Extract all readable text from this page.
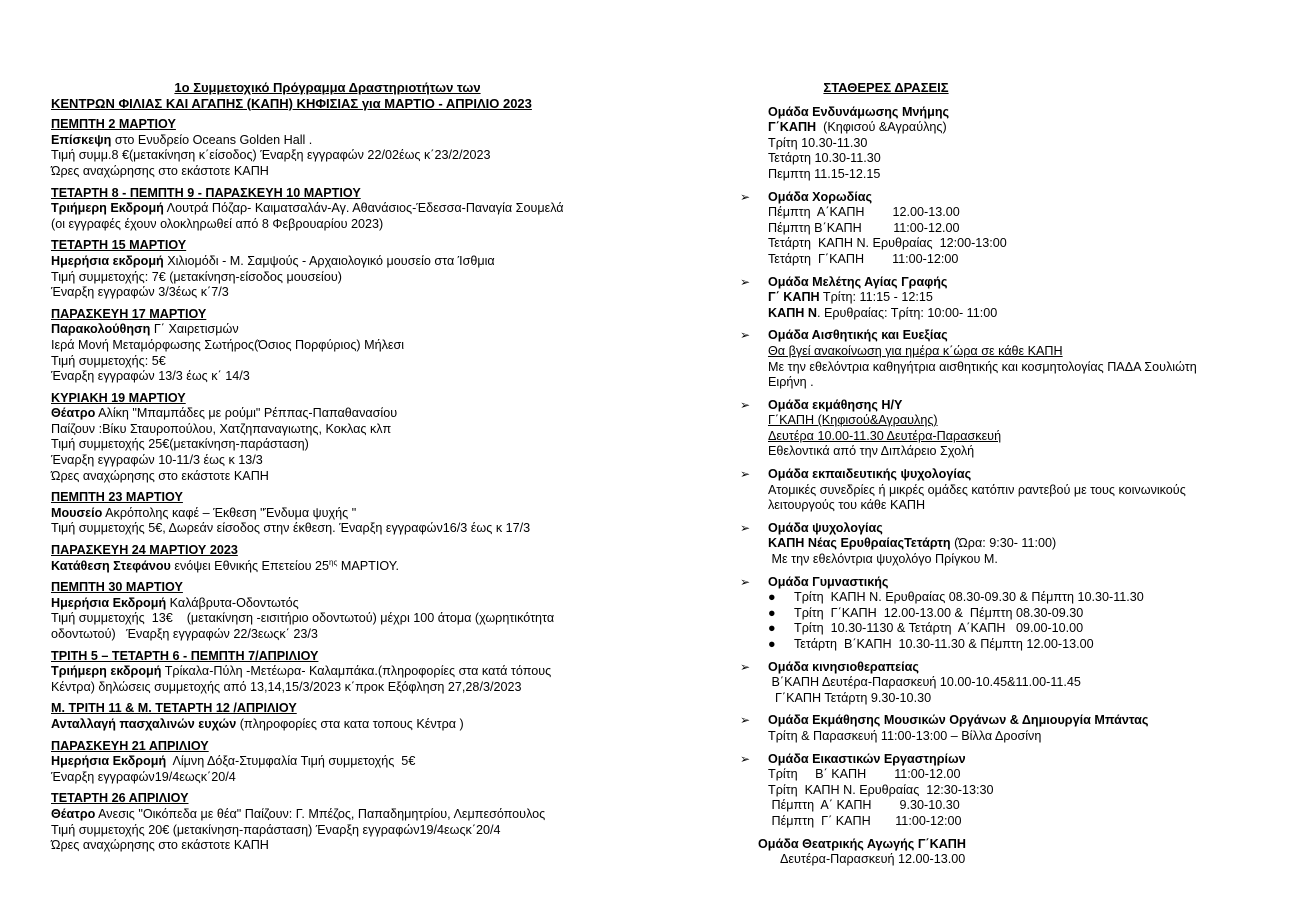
1ο Συμμετοχικό Πρόγραμμα Δραστηριοτήτων των
ΚΕΝΤΡΩΝ ΦΙΛΙΑΣ ΚΑΙ ΑΓΑΠΗΣ (ΚΑΠΗ) ΚΗΦΙΣΙΑΣ για ΜΑΡΤΙΟ - ΑΠΡΙΛΙΟ 2023
ΠΕΜΠΤΗ 2 ΜΑΡΤΙΟΥ
Επίσκεψη στο Ενυδρείο Oceans Golden Hall .
Τιμή συμμ.8 €(μετακίνηση κ΄είσοδος) Έναρξη εγγραφών 22/02έως κ΄23/2/2023
Ώρες αναχώρησης στο εκάστοτε ΚΑΠΗ
ΤΕΤΑΡΤΗ 8 - ΠΕΜΠΤΗ 9 - ΠΑΡΑΣΚΕΥΗ 10 ΜΑΡΤΙΟΥ
Τριήμερη Εκδρομή Λουτρά Πόζαρ- Καιματσαλάν-Αγ. Αθανάσιος-Έδεσσα-Παναγία Σουμελά
(οι εγγραφές έχουν ολοκληρωθεί από 8 Φεβρουαρίου 2023)
ΤΕΤΑΡΤΗ 15 ΜΑΡΤΙΟΥ
Ημερήσια εκδρομή Χιλιομόδι - Μ. Σαμψούς - Αρχαιολογικό μουσείο στα Ίσθμια
Τιμή συμμετοχής: 7€ (μετακίνηση-είσοδος μουσείου)
Έναρξη εγγραφών 3/3έως κ΄7/3
ΠΑΡΑΣΚΕΥΗ 17 ΜΑΡΤΙΟΥ
Παρακολούθηση Γ΄ Χαιρετισμών
Ιερά Μονή Μεταμόρφωσης Σωτήρος(Όσιος Πορφύριος) Μήλεσι
Τιμή συμμετοχής: 5€
Έναρξη εγγραφών 13/3 έως κ΄ 14/3
ΚΥΡΙΑΚΗ 19 ΜΑΡΤΙΟΥ
Θέατρο Αλίκη "Μπαμπάδες με ρούμι" Ρέππας-Παπαθανασίου
Παίζουν :Βίκυ Σταυροπούλου, Χατζηπαναγιωτης, Κοκλας κλπ
Τιμή συμμετοχής 25€(μετακίνηση-παράσταση)
Έναρξη εγγραφών 10-11/3 έως κ 13/3
Ώρες αναχώρησης στο εκάστοτε ΚΑΠΗ
ΠΕΜΠΤΗ 23 ΜΑΡΤΙΟΥ
Μουσείο Ακρόπολης καφέ – Έκθεση "Ένδυμα ψυχής "
Τιμή συμμετοχής 5€, Δωρεάν είσοδος στην έκθεση. Έναρξη εγγραφών16/3 έως κ 17/3
ΠΑΡΑΣΚΕΥΗ 24 ΜΑΡΤΙΟΥ 2023
Κατάθεση Στεφάνου ενόψει Εθνικής Επετείου $25^{\eta\varsigma}$ ΜΑΡΤΙΟΥ.
ΠΕΜΠΤΗ 30 ΜΑΡΤΙΟΥ
Ημερήσια Εκδρομή Καλάβρυτα-Οδοντωτός
Τιμή συμμετοχής  13€    (μετακίνηση -εισιτήριο οδοντωτού) μέχρι 100 άτομα (χωρητικότητα
οδοντωτού)   Έναρξη εγγραφών 22/3εωςκ΄ 23/3
ΤΡΙΤΗ 5 – ΤΕΤΑΡΤΗ 6 - ΠΕΜΠΤΗ 7/ΑΠΡΙΛΙΟΥ
Τριήμερη εκδρομή Τρίκαλα-Πύλη -Μετέωρα- Καλαμπάκα.(πληροφορίες στα κατά τόπους
Κέντρα) δηλώσεις συμμετοχής από 13,14,15/3/2023 κ΄προκ Εξόφληση 27,28/3/2023
Μ. ΤΡΙΤΗ 11 & Μ. ΤΕΤΑΡΤΗ 12 /ΑΠΡΙΛΙΟΥ
Ανταλλαγή πασχαλινών ευχών (πληροφορίες στα κατα τοπους Κέντρα )
ΠΑΡΑΣΚΕΥΗ 21 ΑΠΡΙΛΙΟΥ
Ημερήσια Εκδρομή  Λίμνη Δόξα-Στυμφαλία Τιμή συμμετοχής  5€
Έναρξη εγγραφών19/4εωςκ΄20/4
ΤΕΤΑΡΤΗ 26 ΑΠΡΙΛΙΟΥ
Θέατρο Ανεσις "Οικόπεδα με θέα" Παίζουν: Γ. Μπέζος, Παπαδημητρίου, Λεμπεσόπουλος
Τιμή συμμετοχής 20€ (μετακίνηση-παράσταση) Έναρξη εγγραφών19/4εωςκ΄20/4
Ώρες αναχώρησης στο εκάστοτε ΚΑΠΗ
ΣΤΑΘΕΡΕΣ ΔΡΑΣΕΙΣ
Ομάδα Ενδυνάμωσης Μνήμης
Γ΄ΚΑΠΗ  (Κηφισού &Αγραύλης)
Τρίτη 10.30-11.30
Τετάρτη 10.30-11.30
Πεμπτη 11.15-12.15
➢ Ομάδα Χορωδίας
Πέμπτη  Α΄ΚΑΠΗ        12.00-13.00
Πέμπτη Β΄ΚΑΠΗ         11:00-12.00
Τετάρτη  ΚΑΠΗ Ν. Ερυθραίας  12:00-13:00
Τετάρτη  Γ΄ΚΑΠΗ        11:00-12:00
➢ Ομάδα Μελέτης Αγίας Γραφής
Γ΄ ΚΑΠΗ Τρίτη: 11:15 - 12:15
ΚΑΠΗ Ν. Ερυθραίας: Τρίτη: 10:00- 11:00
➢ Ομάδα Αισθητικής και Ευεξίας
Θα βγεί ανακοίνωση για ημέρα κ΄ώρα σε κάθε ΚΑΠΗ
Με την εθελόντρια καθηγήτρια αισθητικής και κοσμητολογίας ΠΑΔΑ Σουλιώτη
Ειρήνη .
➢ Ομάδα εκμάθησης Η/Υ
Γ΄ΚΑΠΗ (Κηφισού&Αγραυλης)
Δευτέρα 10.00-11.30 Δευτέρα-Παρασκευή
Εθελοντικά από την Διπλάρειο Σχολή
➢ Ομάδα εκπαιδευτικής ψυχολογίας
Ατομικές συνεδρίες ή μικρές ομάδες κατόπιν ραντεβού με τους κοινωνικούς
λειτουργούς του κάθε ΚΑΠΗ
➢ Ομάδα ψυχολογίας
ΚΑΠΗ Νέας ΕρυθραίαςΤετάρτη (Ώρα: 9:30- 11:00)
Με την εθελόντρια ψυχολόγο Πρίγκου Μ.
➢ Ομάδα Γυμναστικής
● Τρίτη  ΚΑΠΗ Ν. Ερυθραίας 08.30-09.30 & Πέμπτη 10.30-11.30
● Τρίτη  Γ΄ΚΑΠΗ  12.00-13.00 &  Πέμπτη 08.30-09.30
● Τρίτη  10.30-1130 & Τετάρτη  Α΄ΚΑΠΗ   09.00-10.00
● Τετάρτη  Β΄ΚΑΠΗ  10.30-11.30 & Πέμπτη 12.00-13.00
➢ Ομάδα κινησιοθεραπείας
Β΄ΚΑΠΗ Δευτέρα-Παρασκευή 10.00-10.45&11.00-11.45
Γ΄ΚΑΠΗ Τετάρτη 9.30-10.30
➢ Ομάδα Εκμάθησης Μουσικών Οργάνων & Δημιουργία Μπάντας
Τρίτη & Παρασκευή 11:00-13:00 – Βίλλα Δροσίνη
➢ Ομάδα Εικαστικών Εργαστηρίων
Τρίτη     Β΄ ΚΑΠΗ        11:00-12.00
Τρίτη  ΚΑΠΗ Ν. Ερυθραίας  12:30-13:30
Πέμπτη  Α΄ ΚΑΠΗ        9.30-10.30
Πέμπτη  Γ΄ ΚΑΠΗ       11:00-12:00
Ομάδα Θεατρικής Αγωγής Γ΄ΚΑΠΗ
Δευτέρα-Παρασκευή 12.00-13.00
